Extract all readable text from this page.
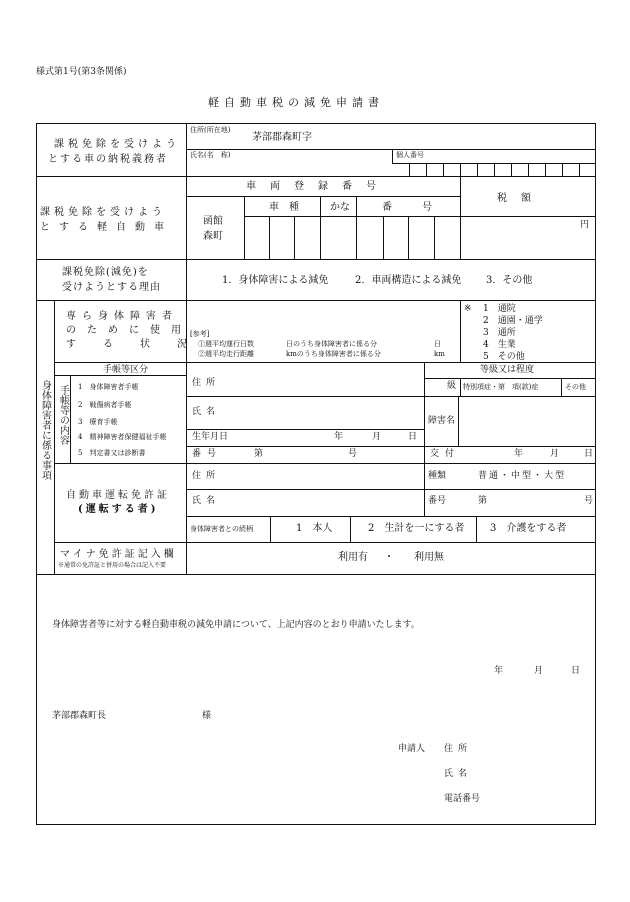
様式第1号(第3条関係)
軽自動車税の減免申請書
課税免除を受けよう
とする車の納税義務者
住所(所在地)
茅部郡森町字
氏名(名　称)	個人番号
課税免除を受けよう
とする軽自動車
車両登録番号
税額
円
函館
森町
車種 かな	番号
課税免除(減免)を
受けようとする理由
1．身体障害による減免	2．車両構造による減免 3．その他
身体障害者に係る事項
専ら身体障害者
のために使用
する状況
[参考]
①週平均運行日数	日のうち身体障害者に係る分	日
②週平均走行距離	kmのうち身体障害者に係る分	km
※ 1　通院
2　通園・通学
3　通所
4　生業
5　その他
手帳等の内容
手帳等区分
1　身体障害者手帳
2　戦傷病者手帳
3　療育手帳
4　精神障害者保健福祉手帳
5　判定書又は診断書
住所
氏名
生年月日	年	月	日
番号	第	号
等級又は程度
級 特別項症・第　項(款)症	その他
障害名
交付	年	月	日
自動車運転免許証
(運転する者)
住所
氏名
種類	普通・中型・大型
番号	第	号
身体障害者との続柄	1　本人	2　生計を一にする者	3　介護をする者
マイナ免許証記入欄
※通常の免許証と併用の場合は記入不要
利用有 ・ 利用無
身体障害者等に対する軽自動車税の減免申請について、上記内容のとおり申請いたします。
年	月	日
茅部郡森町長	様
申請人 住所
氏名
電話番号
